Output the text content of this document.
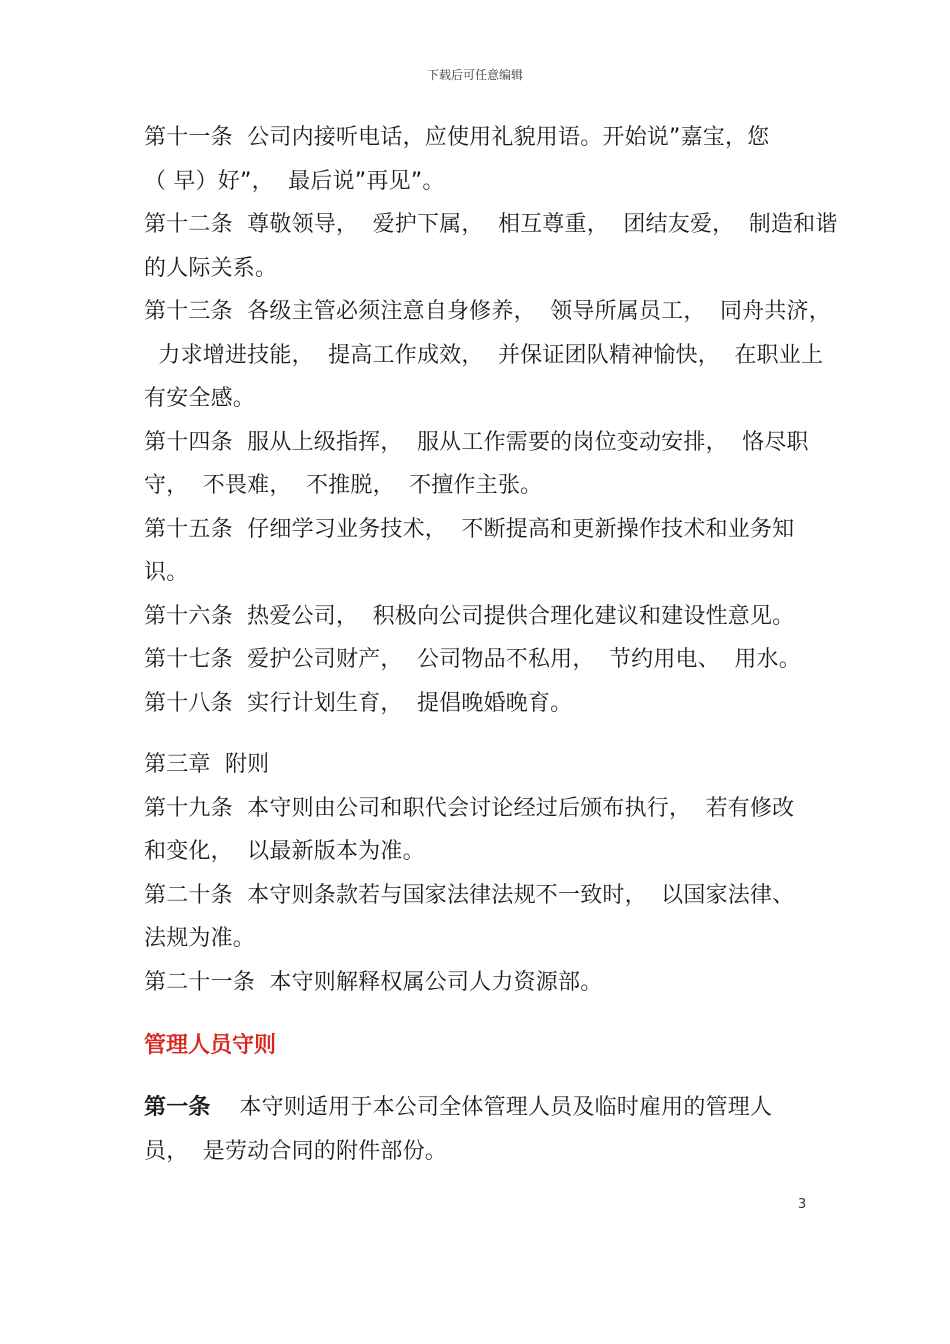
下载后可任意编辑
第十一条  公司内接听电话，应使用礼貌用语。开始说”嘉宝，您
（ 早）好”，  最后说”再见”。
第十二条  尊敬领导，  爱护下属，  相互尊重，  团结友爱，  制造和谐
的人际关系。
第十三条  各级主管必须注意自身修养，  领导所属员工，  同舟共济，
力求增进技能，  提高工作成效，  并保证团队精神愉快，  在职业上
有安全感。
第十四条  服从上级指挥，  服从工作需要的岗位变动安排，  恪尽职
守，  不畏难，  不推脱，  不擅作主张。
第十五条  仔细学习业务技术，  不断提高和更新操作技术和业务知
识。
第十六条  热爱公司，  积极向公司提供合理化建议和建设性意见。
第十七条  爱护公司财产，  公司物品不私用，  节约用电、  用水。
第十八条  实行计划生育，  提倡晚婚晚育。
第三章  附则
第十九条  本守则由公司和职代会讨论经过后颁布执行，  若有修改
和变化，  以最新版本为准。
第二十条  本守则条款若与国家法律法规不一致时，  以国家法律、
法规为准。
第二十一条  本守则解释权属公司人力资源部。
管理人员守则
第一条    本守则适用于本公司全体管理人员及临时雇用的管理人
员，  是劳动合同的附件部份。
3
